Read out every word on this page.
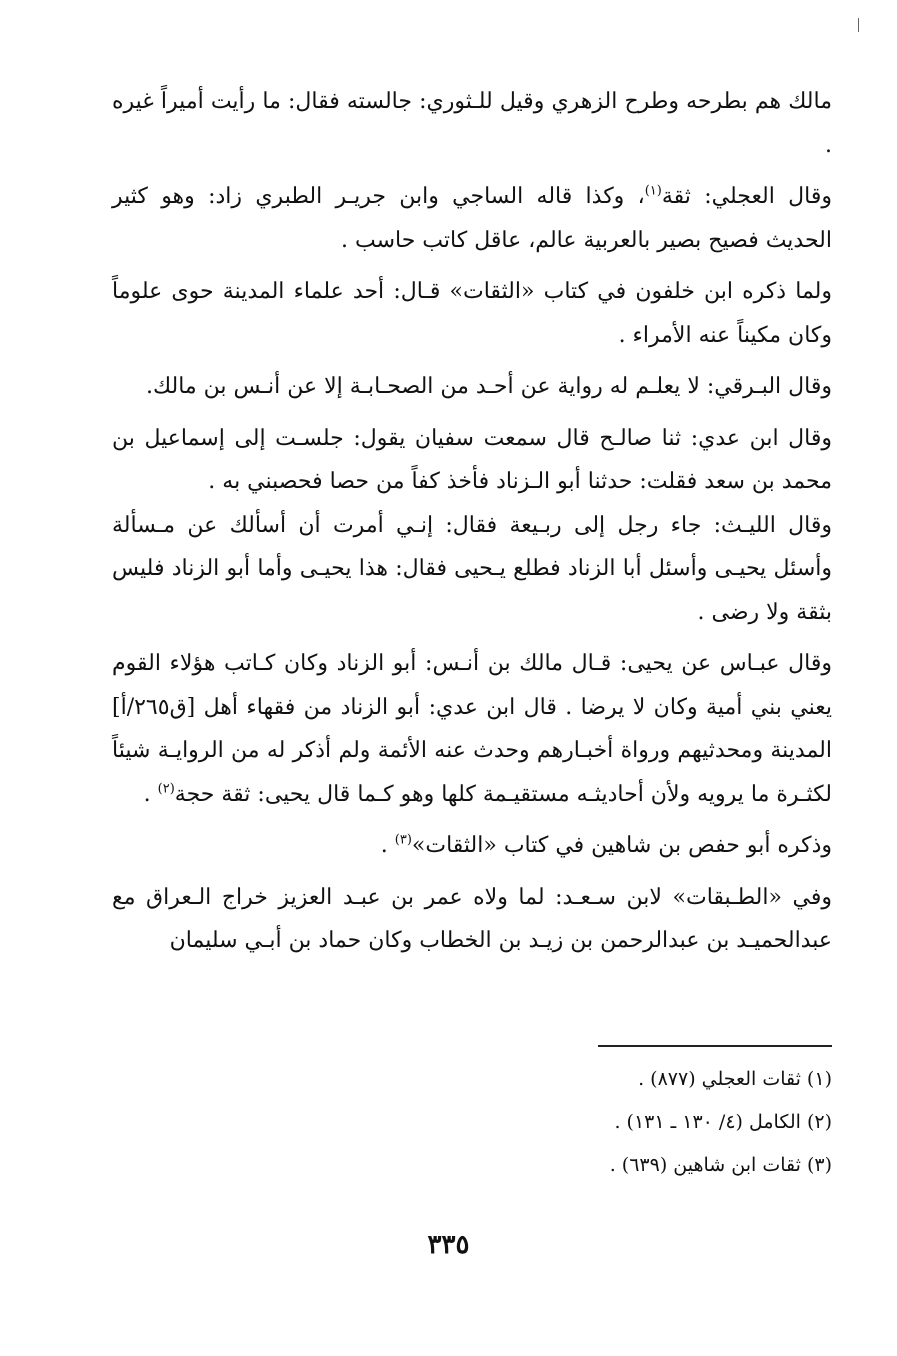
مالك هم بطرحه وطرح الزهري وقيل للـثوري: جالسته فقال: ما رأيت أميراً غيره .

وقال العجلي: ثقة$^{(١)}$، وكذا قاله الساجي وابن جريـر الطبري زاد: وهو كثير الحديث فصيح بصير بالعربية عالم، عاقل كاتب حاسب .

ولما ذكره ابن خلفون في كتاب «الثقات» قـال: أحد علماء المدينة حوى علوماً وكان مكيناً عنه الأمراء .

وقال البـرقي: لا يعلـم له رواية عن أحـد من الصحـابـة إلا عن أنـس بن مالك.

وقال ابن عدي: ثنا صالـح قال سمعت سفيان يقول: جلسـت إلى إسماعيل بن محمد بن سعد فقلت: حدثنا أبو الـزناد فأخذ كفاً من حصا فحصبني به .

وقال الليـث: جاء رجل إلى ربـيعة فقال: إنـي أمرت أن أسألك عن مـسألة وأسئل يحيـى وأسئل أبا الزناد فطلع يـحيى فقال: هذا يحيـى وأما أبو الزناد فليس بثقة ولا رضى .

وقال عبـاس عن يحيى: قـال مالك بن أنـس: أبو الزناد وكان كـاتب هؤلاء القوم يعني بني أمية وكان لا يرضا . قال ابن عدي: أبو الزناد من فقهاء أهل [ق٢٦٥/أ] المدينة ومحدثيهم ورواة أخبـارهم وحدث عنه الأئمة ولم أذكر له من الروايـة شيئاً لكثـرة ما يرويه ولأن أحاديثـه مستقيـمة كلها وهو كـما قال يحيى: ثقة حجة$^{(٢)}$ .

وذكره أبو حفص بن شاهين في كتاب «الثقات»$^{(٣)}$ .

وفي «الطـبقات» لابن سـعـد: لما ولاه عمر بن عبـد العزيز خراج الـعراق مع عبدالحميـد بن عبدالرحمن بن زيـد بن الخطاب وكان حماد بن أبـي سليمان

(١) ثقات العجلي (٨٧٧) .

(٢) الكامل (٤/ ١٣٠ ـ ١٣١) .

(٣) ثقات ابن شاهين (٦٣٩) .

٣٣٥
